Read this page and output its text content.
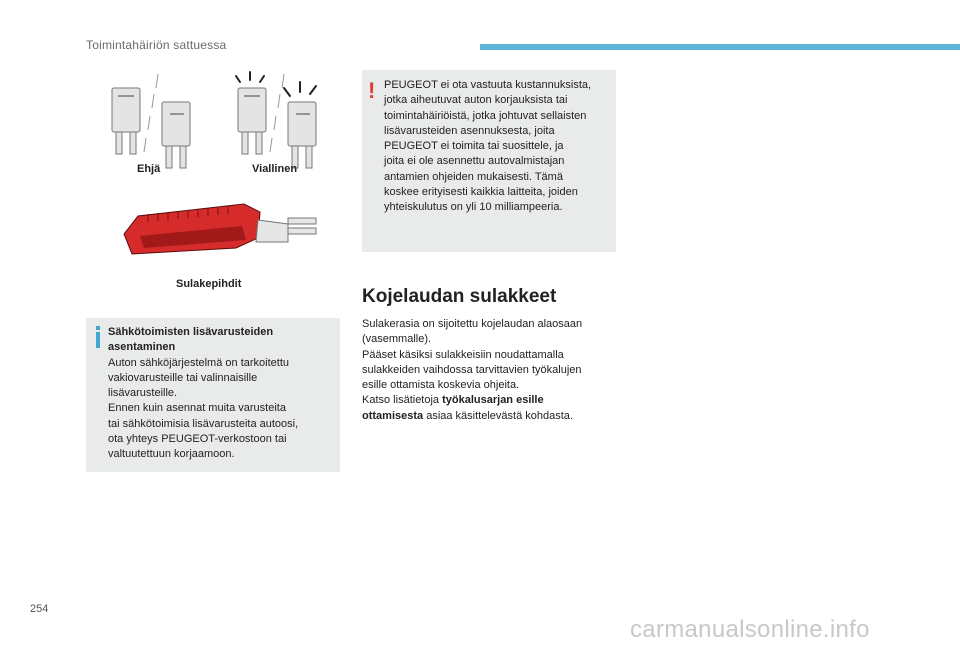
Toimintahäiriön sattuessa
Ehjä	Viallinen
Sulakepihdit
Sähkötoimisten lisävarusteiden
asentaminen
Auton sähköjärjestelmä on tarkoitettu
vakiovarusteille tai valinnaisille
lisävarusteille.
Ennen kuin asennat muita varusteita
tai sähkötoimisia lisävarusteita autoosi,
ota yhteys PEUGEOT-verkostoon tai
valtuutettuun korjaamoon.
! PEUGEOT ei ota vastuuta kustannuksista,
jotka aiheutuvat auton korjauksista tai
toimintahäiriöistä, jotka johtuvat sellaisten
lisävarusteiden asennuksesta, joita
PEUGEOT ei toimita tai suosittele, ja
joita ei ole asennettu autovalmistajan
antamien ohjeiden mukaisesti. Tämä
koskee erityisesti kaikkia laitteita, joiden
yhteiskulutus on yli 10 milliampeeria.
Kojelaudan sulakkeet
Sulakerasia on sijoitettu kojelaudan alaosaan
(vasemmalle).
Pääset käsiksi sulakkeisiin noudattamalla
sulakkeiden vaihdossa tarvittavien työkalujen
esille ottamista koskevia ohjeita.
Katso lisätietoja työkalusarjan esille
ottamisesta asiaa käsittelevästä kohdasta.
254
carmanualsonline.info
